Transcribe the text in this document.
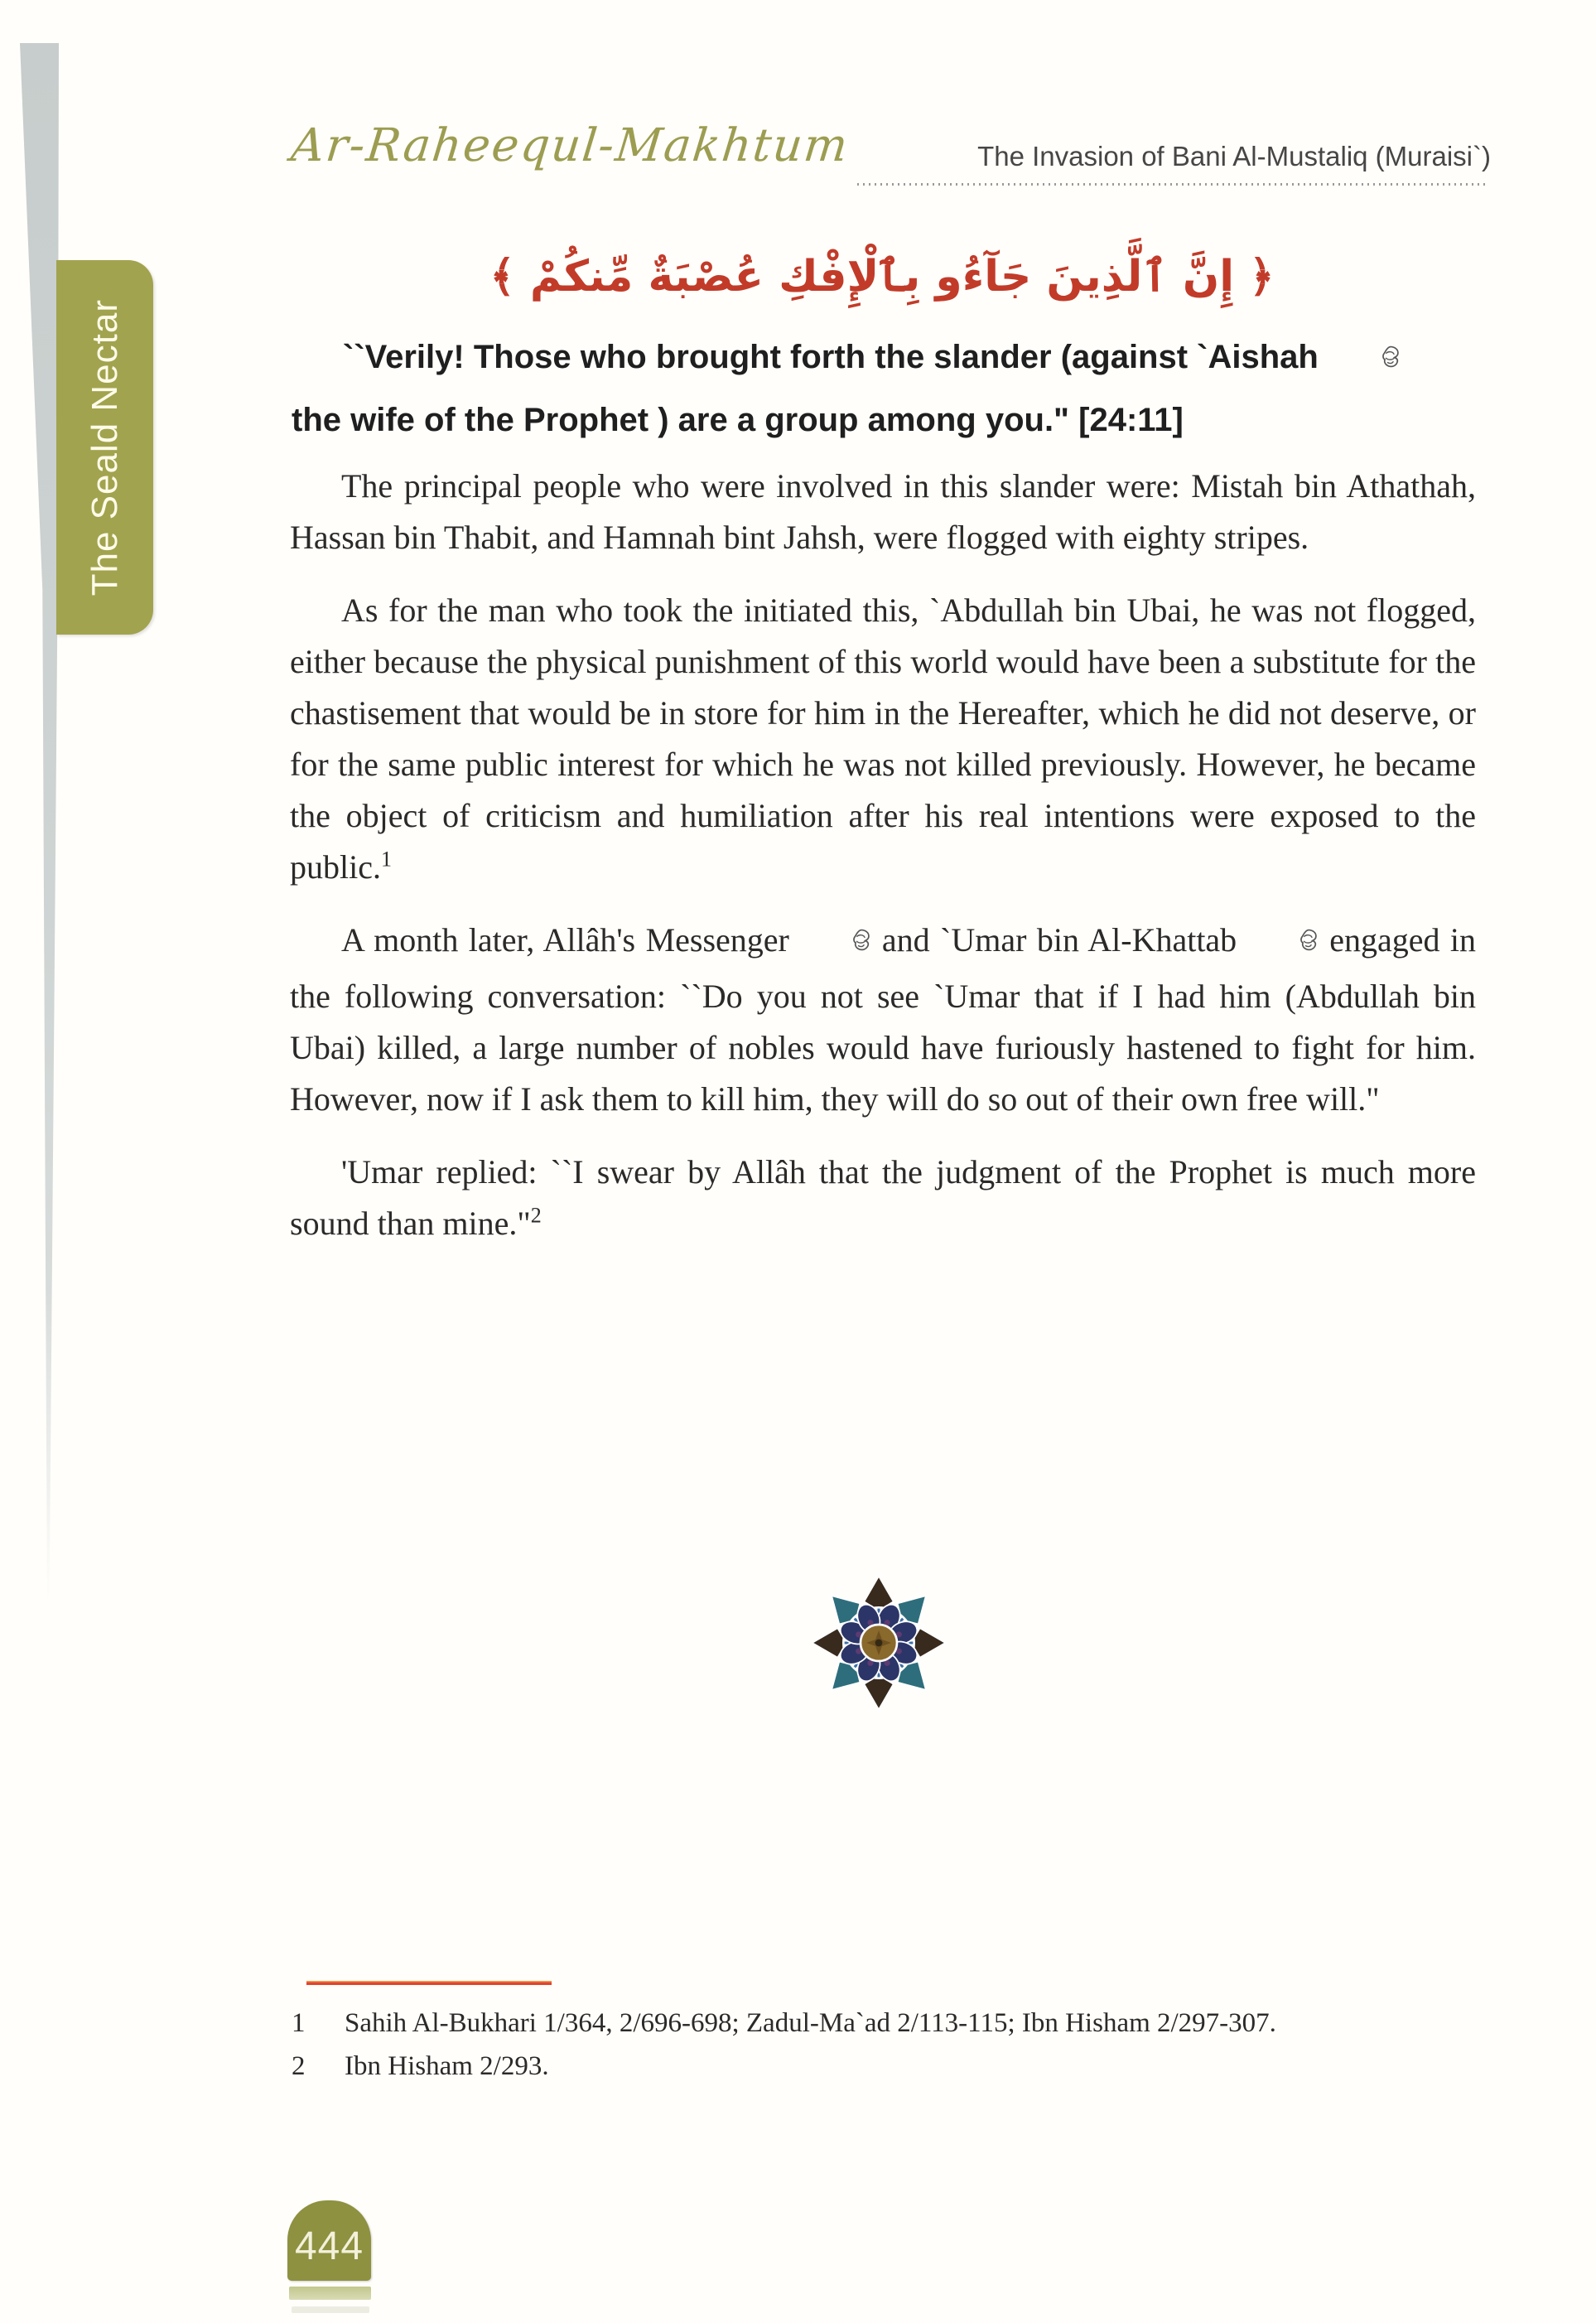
The Seald Nectar
Ar-Raheequl-Makhtum	The Invasion of Bani Al-Mustaliq (Muraisi`)
﴿ إِنَّ ٱلَّذِينَ جَآءُو بِٱلْإِفْكِ عُصْبَةٌ مِّنكُمْ ﴾
``Verily! Those who brought forth the slander (against `Aishahthe wife of the Prophet ) are a group among you." [24:11]

The principal people who were involved in this slander were: Mistah bin Athathah, Hassan bin Thabit, and Hamnah bint Jahsh, were flogged with eighty stripes.

As for the man who took the initiated this, `Abdullah bin Ubai, he was not flogged, either because the physical punishment of this world would have been a substitute for the chastisement that would be in store for him in the Hereafter, which he did not deserve, or for the same public interest for which he was not killed previously. However, he became the object of criticism and humiliation after his real intentions were exposed to the public.$^1$

A month later, Allâh's Messenger	and `Umar bin Al-Khattab	engaged in the following conversation: ``Do you not see `Umar that if I had him (Abdullah bin Ubai) killed, a large number of nobles would have furiously hastened to fight for him. However, now if I ask them to kill him, they will do so out of their own free will."

'Umar replied: ``I swear by Allâh that the judgment of the Prophet is much more sound than mine."$^2$

1	Sahih Al-Bukhari 1/364, 2/696-698; Zadul-Ma`ad 2/113-115; Ibn Hisham 2/297-307.
2	Ibn Hisham 2/293.
444
